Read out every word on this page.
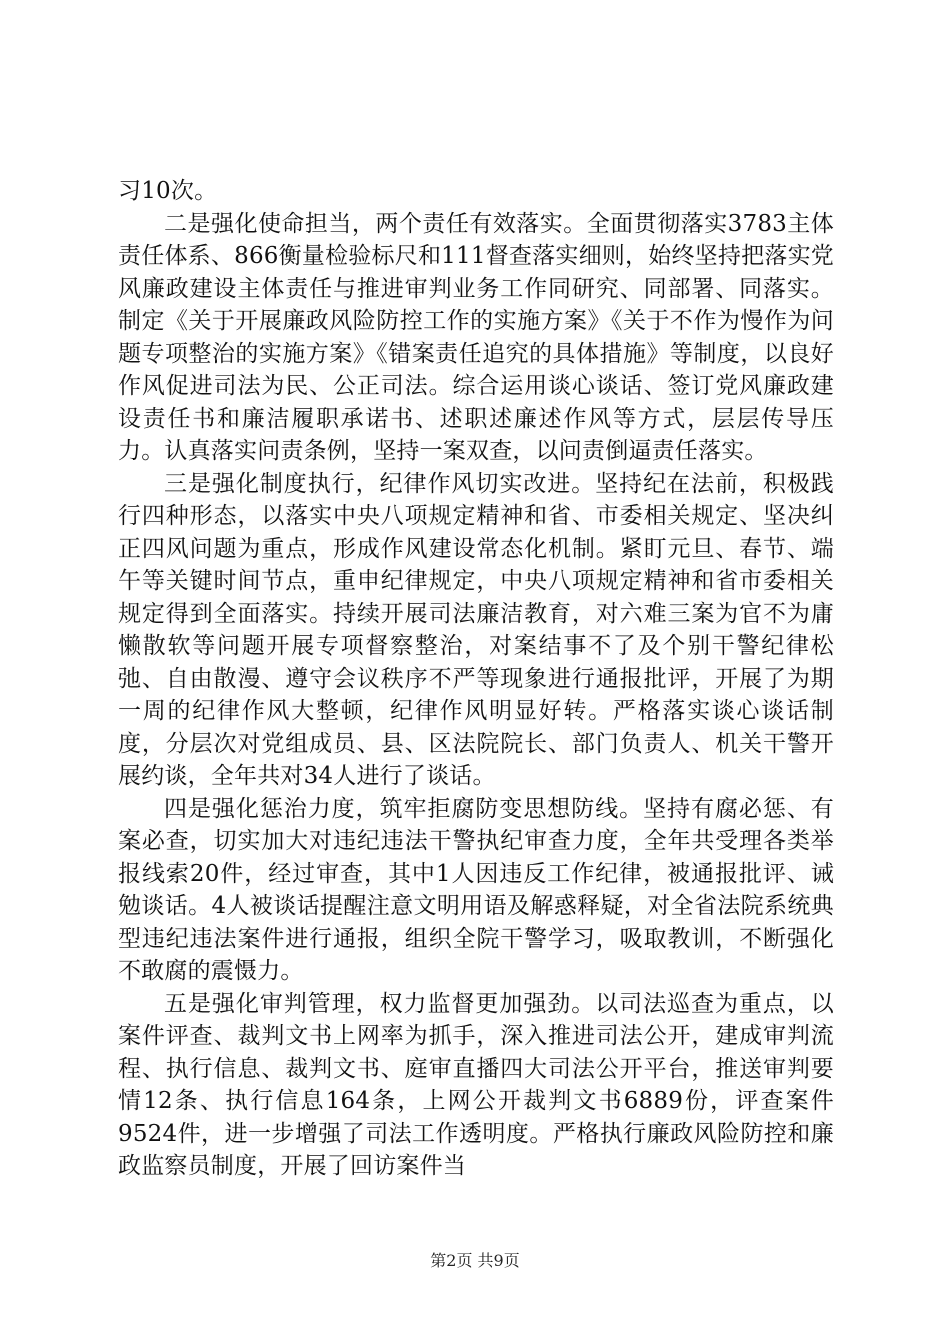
习10次。

二是强化使命担当，两个责任有效落实。全面贯彻落实3783主体责任体系、866衡量检验标尺和111督查落实细则，始终坚持把落实党风廉政建设主体责任与推进审判业务工作同研究、同部署、同落实。制定《关于开展廉政风险防控工作的实施方案》《关于不作为慢作为问题专项整治的实施方案》《错案责任追究的具体措施》等制度，以良好作风促进司法为民、公正司法。综合运用谈心谈话、签订党风廉政建设责任书和廉洁履职承诺书、述职述廉述作风等方式，层层传导压力。认真落实问责条例，坚持一案双查，以问责倒逼责任落实。

三是强化制度执行，纪律作风切实改进。坚持纪在法前，积极践行四种形态，以落实中央八项规定精神和省、市委相关规定、坚决纠正四风问题为重点，形成作风建设常态化机制。紧盯元旦、春节、端午等关键时间节点，重申纪律规定，中央八项规定精神和省市委相关规定得到全面落实。持续开展司法廉洁教育，对六难三案为官不为庸懒散软等问题开展专项督察整治，对案结事不了及个别干警纪律松弛、自由散漫、遵守会议秩序不严等现象进行通报批评，开展了为期一周的纪律作风大整顿，纪律作风明显好转。严格落实谈心谈话制度，分层次对党组成员、县、区法院院长、部门负责人、机关干警开展约谈，全年共对34人进行了谈话。

四是强化惩治力度，筑牢拒腐防变思想防线。坚持有腐必惩、有案必查，切实加大对违纪违法干警执纪审查力度，全年共受理各类举报线索20件，经过审查，其中1人因违反工作纪律，被通报批评、诫勉谈话。4人被谈话提醒注意文明用语及解惑释疑，对全省法院系统典型违纪违法案件进行通报，组织全院干警学习，吸取教训，不断强化不敢腐的震慑力。

五是强化审判管理，权力监督更加强劲。以司法巡查为重点，以案件评查、裁判文书上网率为抓手，深入推进司法公开，建成审判流程、执行信息、裁判文书、庭审直播四大司法公开平台，推送审判要情12条、执行信息164条，上网公开裁判文书6889份，评查案件9524件，进一步增强了司法工作透明度。严格执行廉政风险防控和廉政监察员制度，开展了回访案件当

第2页 共9页
